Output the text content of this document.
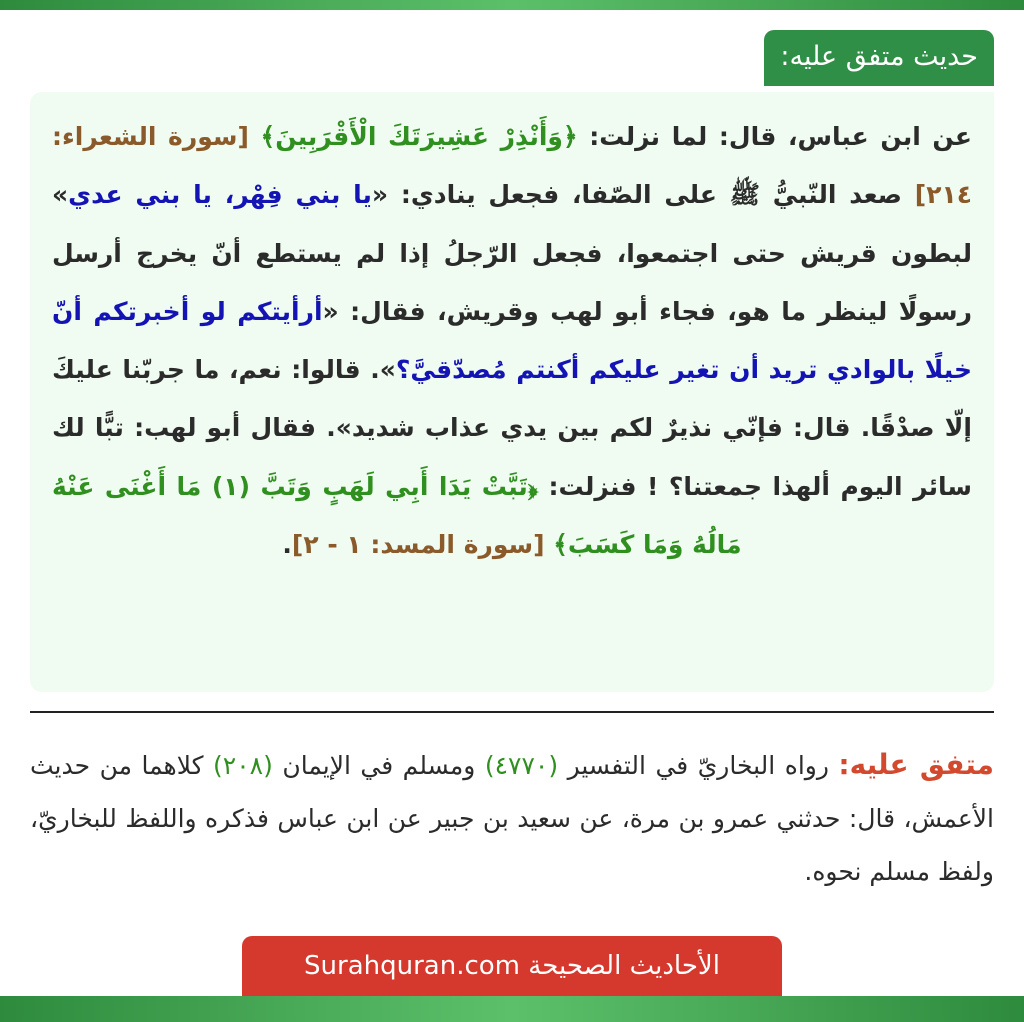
حديث متفق عليه:

عن ابن عباس، قال: لما نزلت: ﴿وَأَنْذِرْ عَشِيرَتَكَ الْأَقْرَبِينَ﴾ [سورة الشعراء: ٢١٤] صعد النّبيُّ ﷺ على الصّفا، فجعل ينادي: «يا بني فِهْر، يا بني عدي» لبطون قريش حتى اجتمعوا، فجعل الرّجلُ إذا لم يستطع أنّ يخرج أرسل رسولًا لينظر ما هو، فجاء أبو لهب وقريش، فقال: «أرأيتكم لو أخبرتكم أنّ خيلًا بالوادي تريد أن تغير عليكم أكنتم مُصدّقيَّ؟». قالوا: نعم، ما جربّنا عليكَ إلّا صدْقًا. قال: فإنّي نذيرٌ لكم بين يدي عذاب شديد». فقال أبو لهب: تبًّا لك سائر اليوم ألهذا جمعتنا؟ ! فنزلت: ﴿تَبَّتْ يَدَا أَبِي لَهَبٍ وَتَبَّ (١) مَا أَغْنَى عَنْهُ مَالُهُ وَمَا كَسَبَ﴾ [سورة المسد: ١ - ٢].

متفق عليه: رواه البخاريّ في التفسير (٤٧٧٠) ومسلم في الإيمان (٢٠٨) كلاهما من حديث الأعمش، قال: حدثني عمرو بن مرة، عن سعيد بن جبير عن ابن عباس فذكره واللفظ للبخاريّ، ولفظ مسلم نحوه.

الأحاديث الصحيحة Surahquran.com
